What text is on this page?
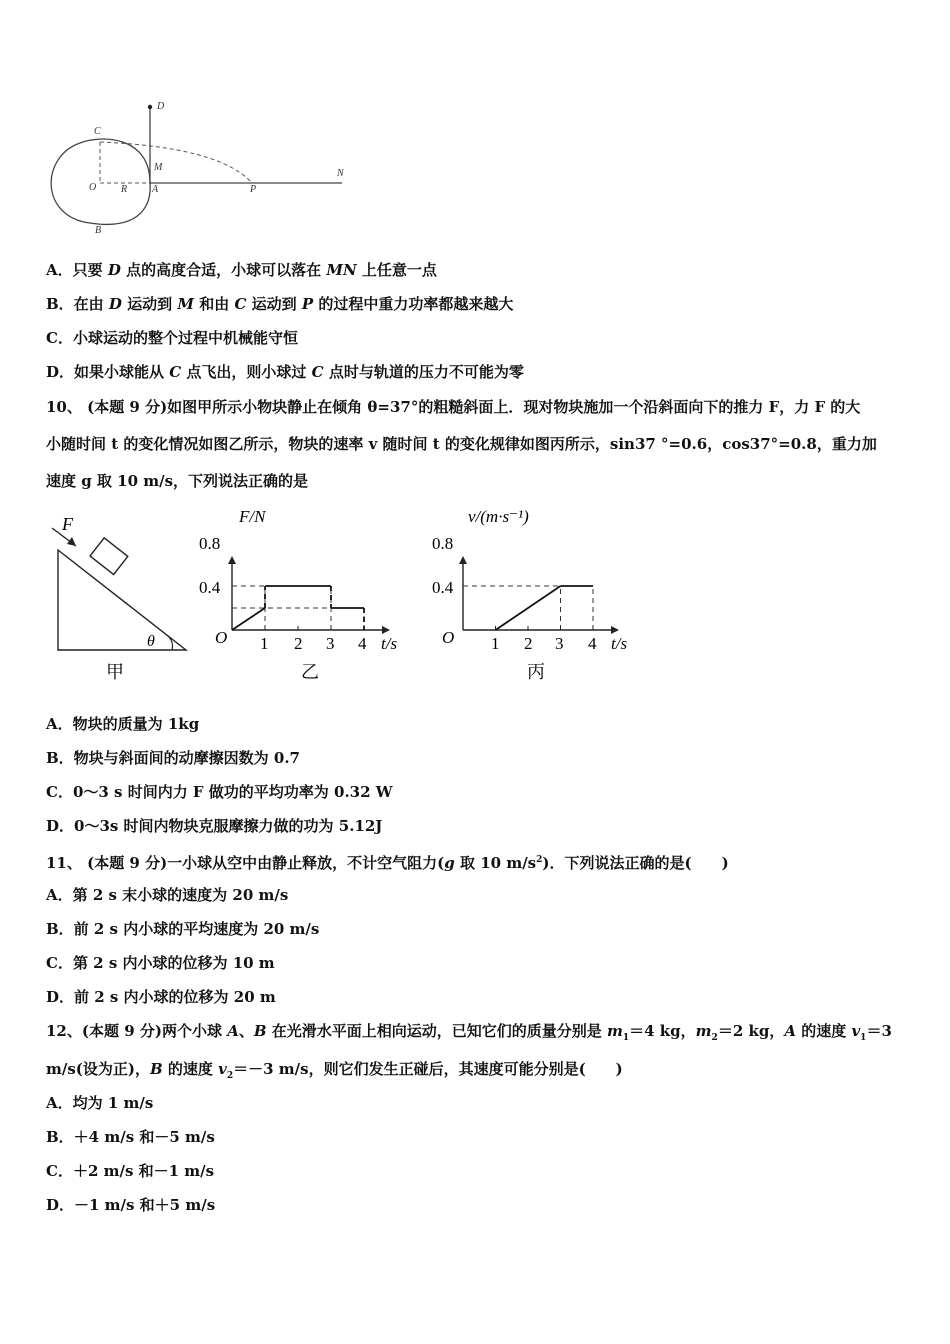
D
C
M
N
O R A	P
B
A．只要 D 点的高度合适，小球可以落在 MN 上任意一点
B．在由 D 运动到 M 和由 C 运动到 P 的过程中重力功率都越来越大
C．小球运动的整个过程中机械能守恒
D．如果小球能从 C 点飞出，则小球过 C 点时与轨道的压力不可能为零
10、 (本题 9 分)如图甲所示小物块静止在倾角 θ=37°的粗糙斜面上．现对物块施加一个沿斜面向下的推力 F，力 F 的大
小随时间 t 的变化情况如图乙所示，物块的速率 v 随时间 t 的变化规律如图丙所示，sin37 °=0.6，cos37°=0.8，重力加
速度 g 取 10 m/s，下列说法正确的是
F
θ
甲
F/N
O
0.8
0.4
1 2 3 4 t/s
乙
v/(m·s⁻¹)
O
0.8
0.4
1 2 3 4 t/s
丙
A．物块的质量为 1kg
B．物块与斜面间的动摩擦因数为 0.7
C．0～3 s 时间内力 F 做功的平均功率为 0.32 W
D．0～3s 时间内物块克服摩擦力做的功为 5.12J
11、 (本题 9 分)一小球从空中由静止释放，不计空气阻力(g 取 10 $m/s^2$)．下列说法正确的是(　　)
A．第 2 s 末小球的速度为 20 m/s
B．前 2 s 内小球的平均速度为 20 m/s
C．第 2 s 内小球的位移为 10 m
D．前 2 s 内小球的位移为 20 m
12、(本题 9 分)两个小球 A、B 在光滑水平面上相向运动，已知它们的质量分别是 $m_1=4$ kg，$m_2=2$ kg，A 的速度 $v_1=3$
m/s(设为正)，B 的速度 $v_2=-3$ m/s，则它们发生正碰后，其速度可能分别是(　　)
A．均为 1 m/s
B．＋4 m/s 和－5 m/s
C．＋2 m/s 和－1 m/s
D．－1 m/s 和＋5 m/s
